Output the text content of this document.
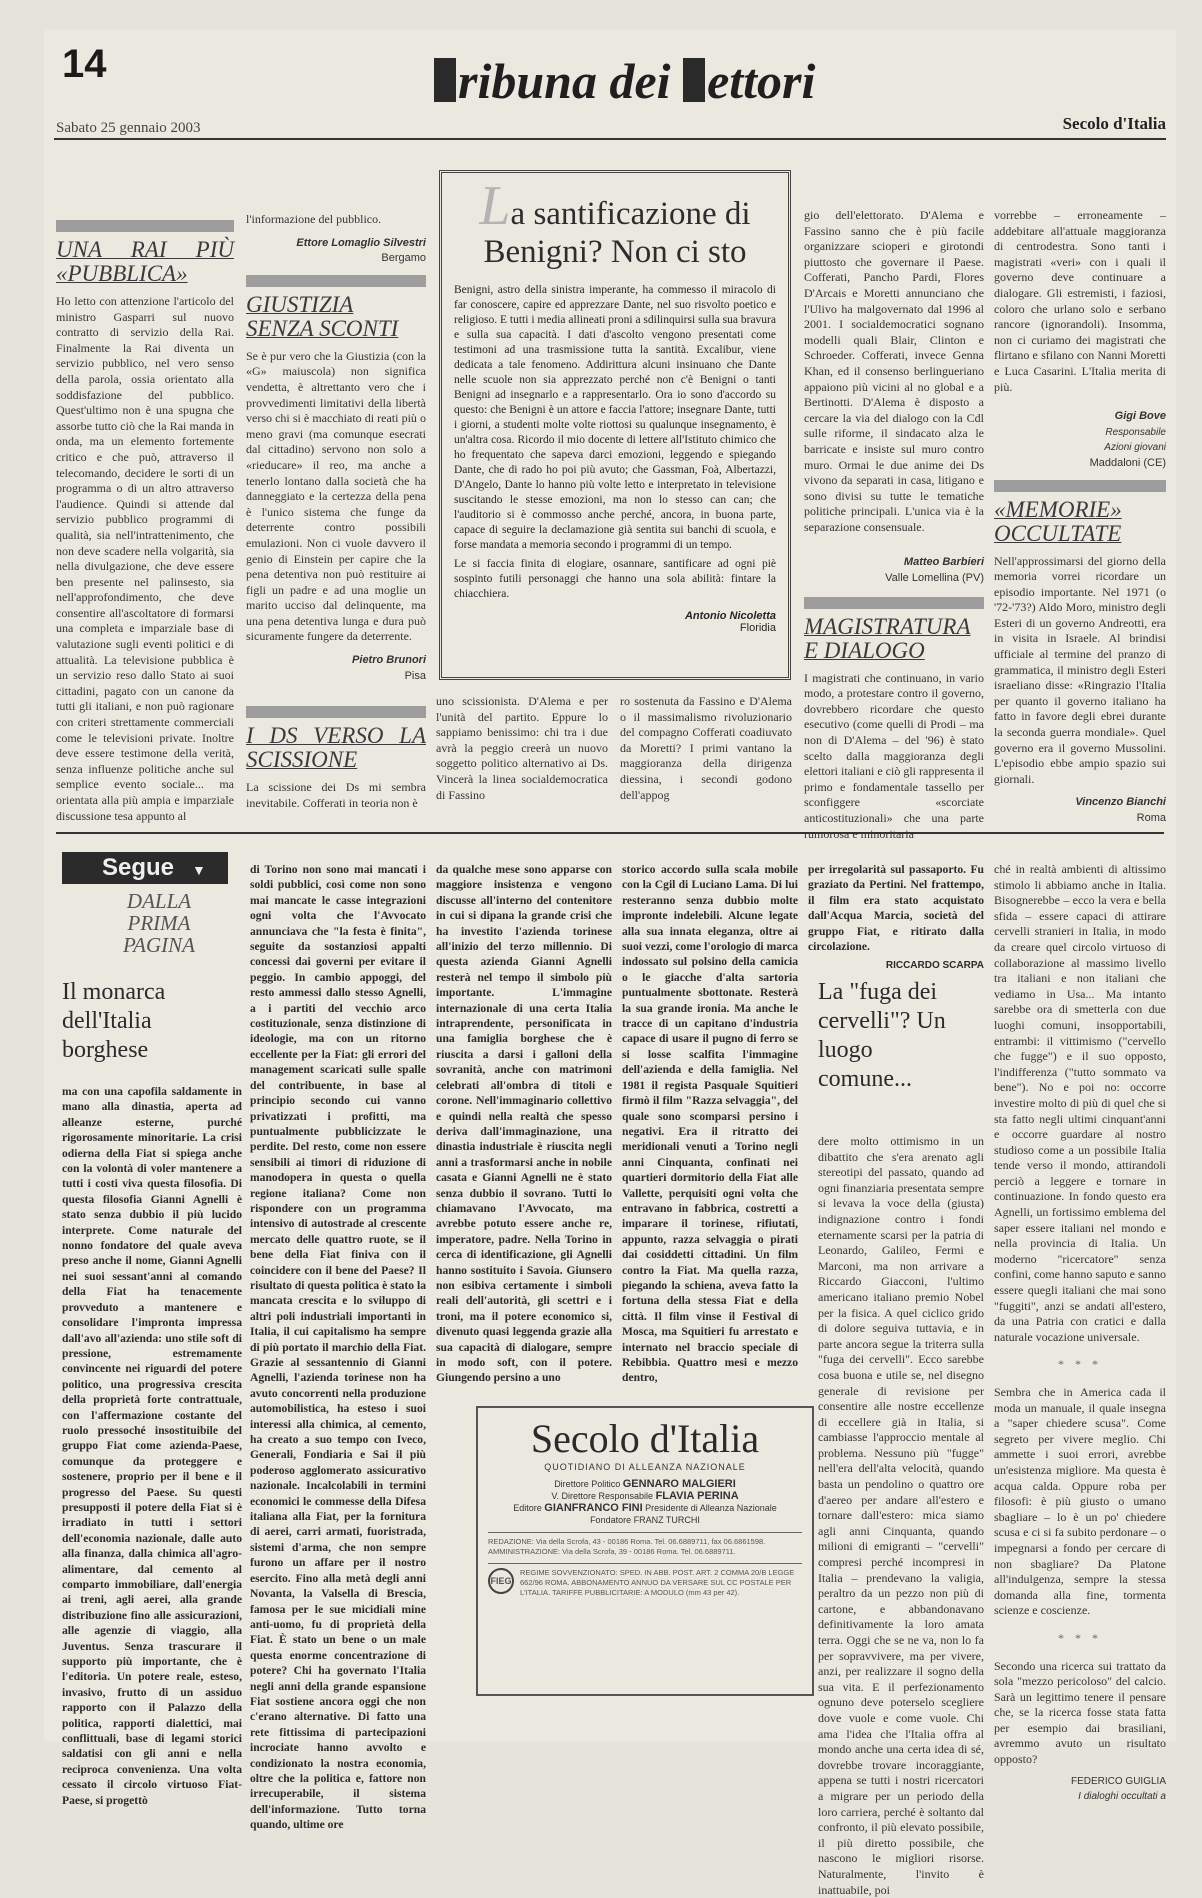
14	ribuna dei ettori
Sabato 25 gennaio 2003	Secolo d'Italia
UNA RAI PIÙ «PUBBLICA»

Ho letto con attenzione l'articolo del ministro Gasparri sul nuovo contratto di servizio della Rai. Finalmente la Rai diventa un servizio pubblico, nel vero senso della parola, ossia orientato alla soddisfazione del pubblico. Quest'ultimo non è una spugna che assorbe tutto ciò che la Rai manda in onda, ma un elemento fortemente critico e che può, attraverso il telecomando, decidere le sorti di un programma o di un altro attraverso l'audience. Quindi si attende dal servizio pubblico programmi di qualità, sia nell'intrattenimento, che non deve scadere nella volgarità, sia nella divulgazione, che deve essere ben presente nel palinsesto, sia nell'approfondimento, che deve consentire all'ascoltatore di formarsi una completa e imparziale base di valutazione sugli eventi politici e di attualità. La televisione pubblica è un servizio reso dallo Stato ai suoi cittadini, pagato con un canone da tutti gli italiani, e non può ragionare con criteri strettamente commerciali come le televisioni private. Inoltre deve essere testimone della verità, senza influenze politiche anche sul semplice evento sociale... ma orientata alla più ampia e imparziale discussione tesa appunto al

l'informazione del pubblico.

Ettore Lomaglio Silvestri
Bergamo
GIUSTIZIA SENZA SCONTI

Se è pur vero che la Giustizia (con la «G» maiuscola) non significa vendetta, è altrettanto vero che i provvedimenti limitativi della libertà verso chi si è macchiato di reati più o meno gravi (ma comunque esecrati dal cittadino) servono non solo a «rieducare» il reo, ma anche a tenerlo lontano dalla società che ha danneggiato e la certezza della pena è l'unico sistema che funge da deterrente contro possibili emulazioni. Non ci vuole davvero il genio di Einstein per capire che la pena detentiva non può restituire ai figli un padre e ad una moglie un marito ucciso dal delinquente, ma una pena detentiva lunga e dura può sicuramente fungere da deterrente.

Pietro Brunori
Pisa
I DS VERSO LA SCISSIONE

La scissione dei Ds mi sembra inevitabile. Cofferati in teoria non è

La santificazione di Benigni? Non ci sto

Benigni, astro della sinistra imperante, ha commesso il miracolo di far conoscere, capire ed apprezzare Dante, nel suo risvolto poetico e religioso. E tutti i media allineati proni a sdilinquirsi sulla sua bravura e sulla sua capacità. I dati d'ascolto vengono presentati come testimoni ad una trasmissione tutta la santità. Excalibur, viene dedicata a tale fenomeno. Addirittura alcuni insinuano che Dante nelle scuole non sia apprezzato perché non c'è Benigni o tanti Benigni ad insegnarlo e a rappresentarlo. Ora io sono d'accordo su questo: che Benigni è un attore e faccia l'attore; insegnare Dante, tutti i giorni, a studenti molte volte riottosi su qualunque insegnamento, è un'altra cosa. Ricordo il mio docente di lettere all'Istituto chimico che ho frequentato che sapeva darci emozioni, leggendo e spiegando Dante, che di rado ho poi più avuto; che Gassman, Foà, Albertazzi, D'Angelo, Dante lo hanno più volte letto e interpretato in televisione suscitando le stesse emozioni, ma non lo stesso can can; che l'auditorio si è commosso anche perché, ancora, in buona parte, capace di seguire la declamazione già sentita sui banchi di scuola, e forse mandata a memoria secondo i programmi di un tempo.

Le si faccia finita di elogiare, osannare, santificare ad ogni piè sospinto futili personaggi che hanno una sola abilità: fintare la chiacchiera.

Antonio Nicoletta
Floridia

uno scissionista. D'Alema e per l'unità del partito. Eppure lo sappiamo benissimo: chi tra i due avrà la peggio creerà un nuovo soggetto politico alternativo ai Ds. Vincerà la linea socialdemocratica di Fassino

ro sostenuta da Fassino e D'Alema o il massimalismo rivoluzionario del compagno Cofferati coadiuvato da Moretti? I primi vantano la maggioranza della dirigenza diessina, i secondi godono dell'appog

gio dell'elettorato. D'Alema e Fassino sanno che è più facile organizzare scioperi e girotondi piuttosto che governare il Paese. Cofferati, Pancho Pardi, Flores D'Arcais e Moretti annunciano che l'Ulivo ha malgovernato dal 1996 al 2001. I socialdemocratici sognano modelli quali Blair, Clinton e Schroeder. Cofferati, invece Genna Khan, ed il consenso berlingueriano appaiono più vicini al no global e a Bertinotti. D'Alema è disposto a cercare la via del dialogo con la Cdl sulle riforme, il sindacato alza le barricate e insiste sul muro contro muro. Ormai le due anime dei Ds vivono da separati in casa, litigano e sono divisi su tutte le tematiche politiche principali. L'unica via è la separazione consensuale.

Matteo Barbieri
Valle Lomellina (PV)
MAGISTRATURA E DIALOGO

I magistrati che continuano, in vario modo, a protestare contro il governo, dovrebbero ricordare che questo esecutivo (come quelli di Prodi – ma non di D'Alema – del '96) è stato scelto dalla maggioranza degli elettori italiani e ciò gli rappresenta il primo e fondamentale tassello per sconfiggere «scorciate anticostituzionali» che una parte

vorrebbe – erroneamente – addebitare all'attuale maggioranza di centrodestra. Sono tanti i magistrati «veri» con i quali il governo deve continuare a dialogare. Gli estremisti, i faziosi, coloro che urlano solo e serbano rancore (ignorandoli). Insomma, non ci curiamo dei magistrati che flirtano e sfilano con Nanni Moretti e Luca Casarini. L'Italia merita di più.

Gigi Bove
Responsabile
Azioni giovani
Maddaloni (CE)
«MEMORIE» OCCULTATE

Nell'approssimarsi del giorno della memoria vorrei ricordare un episodio importante. Nel 1971 (o '72-'73?) Aldo Moro, ministro degli Esteri di un governo Andreotti, era in visita in Israele. Al brindisi ufficiale al termine del pranzo di grammatica, il ministro degli Esteri israeliano disse: «Ringrazio l'Italia per quanto il governo italiano ha fatto in favore degli ebrei durante la seconda guerra mondiale». Quel governo era il governo Mussolini. L'episodio ebbe ampio spazio sui giornali.

Vincenzo Bianchi
Roma
Segue ▼
DALLA PRIMA PAGINA
Il monarca dell'Italia borghese

ma con una capofila saldamente in mano alla dinastia, aperta ad alleanze esterne, purché rigorosamente minoritarie. La crisi odierna della Fiat si spiega anche con la volontà di voler mantenere a tutti i costi viva questa filosofia. Di questa filosofia Gianni Agnelli è stato senza dubbio il più lucido interprete. Come naturale del nonno fondatore del quale aveva preso anche il nome, Gianni Agnelli nei suoi sessant'anni al comando della Fiat ha tenacemente provveduto a mantenere e consolidare l'impronta impressa dall'avo all'azienda: uno stile soft di pressione, estremamente convincente nei riguardi del potere politico, una progressiva crescita della proprietà forte contrattuale, con l'affermazione costante del ruolo pressoché insostituibile del gruppo Fiat come azienda-Paese, comunque da proteggere e sostenere, proprio per il bene e il progresso del Paese. Su questi presupposti il potere della Fiat si è irradiato in tutti i settori dell'economia nazionale, dalle auto alla finanza, dalla chimica all'agro-alimentare, dal cemento al comparto immobiliare, dall'energia ai treni, agli aerei, alla grande distribuzione fino alle assicurazioni, alle agenzie di viaggio, alla Juventus. Senza trascurare il supporto più importante, che è l'editoria. Un potere reale, esteso, invasivo, frutto di un assiduo rapporto con il Palazzo della politica, rapporti dialettici, mai conflittuali, base di legami storici saldatisi con gli anni e nella reciproca convenienza. Una volta cessato il circolo virtuoso Fiat-Paese, si progettò

di Torino non sono mai mancati i soldi pubblici, così come non sono mai mancate le casse integrazioni ogni volta che l'Avvocato annunciava che "la festa è finita", seguite da sostanziosi appalti concessi dai governi per evitare il peggio. In cambio appoggi, del resto ammessi dallo stesso Agnelli, a i partiti del vecchio arco costituzionale, senza distinzione di ideologie, ma con un ritorno eccellente per la Fiat: gli errori del management scaricati sulle spalle del contribuente, in base al principio secondo cui vanno privatizzati i profitti, ma puntualmente pubblicizzate le perdite. Del resto, come non essere sensibili ai timori di riduzione di manodopera in questa o quella regione italiana? Come non rispondere con un programma intensivo di autostrade al crescente mercato delle quattro ruote, se il bene della Fiat finiva con il coincidere con il bene del Paese? Il risultato di questa politica è stato la mancata crescita e lo sviluppo di altri poli industriali importanti in Italia, il cui capitalismo ha sempre di più portato il marchio della Fiat. Grazie al sessantennio di Gianni Agnelli, l'azienda torinese non ha avuto concorrenti nella produzione automobilistica, ha esteso i suoi interessi alla chimica, al cemento, ha creato a suo tempo con Iveco, Generali, Fondiaria e Sai il più poderoso agglomerato assicurativo nazionale. Incalcolabili in termini economici le commesse della Difesa italiana alla Fiat, per la fornitura di aerei, carri armati, fuoristrada, sistemi d'arma, che non sempre furono un affare per il nostro esercito. Fino alla metà degli anni Novanta, la Valsella di Brescia, famosa per le sue micidiali mine anti-uomo, fu di proprietà della Fiat. È stato un bene o un male questa enorme concentrazione di potere? Chi ha governato l'Italia negli anni della grande espansione Fiat sostiene ancora oggi che non c'erano alternative. Di fatto una rete fittissima di partecipazioni incrociate hanno avvolto e condizionato la nostra economia, oltre che la politica e, fattore non irrecuperabile, il sistema dell'informazione. Tutto torna quando, ultime ore

da qualche mese sono apparse con maggiore insistenza e vengono discusse all'interno del contenitore in cui si dipana la grande crisi che ha investito l'azienda torinese all'inizio del terzo millennio. Di questa azienda Gianni Agnelli resterà nel tempo il simbolo più importante. L'immagine internazionale di una certa Italia intraprendente, personificata in una famiglia borghese che è riuscita a darsi i galloni della sovranità, anche con matrimoni celebrati all'ombra di titoli e corone. Nell'immaginario collettivo e quindi nella realtà che spesso deriva dall'immaginazione, una dinastia industriale è riuscita negli anni a trasformarsi anche in nobile casata e Gianni Agnelli ne è stato senza dubbio il sovrano. Tutti lo chiamavano l'Avvocato, ma avrebbe potuto essere anche re, imperatore, padre. Nella Torino in cerca di identificazione, gli Agnelli hanno sostituito i Savoia. Giunsero non esibiva certamente i simboli reali dell'autorità, gli scettri e i troni, ma il potere economico si, divenuto quasi leggenda grazie alla sua capacità di dialogare, sempre in modo soft, con il potere. Giungendo persino a uno

storico accordo sulla scala mobile con la Cgil di Luciano Lama. Di lui resteranno senza dubbio molte impronte indelebili. Alcune legate alla sua innata eleganza, oltre ai suoi vezzi, come l'orologio di marca indossato sul polsino della camicia o le giacche d'alta sartoria puntualmente sbottonate. Resterà la sua grande ironia. Ma anche le tracce di un capitano d'industria capace di usare il pugno di ferro se si losse scalfita l'immagine dell'azienda e della famiglia. Nel 1981 il regista Pasquale Squitieri firmò il film "Razza selvaggia", del quale sono scomparsi persino i negativi. Era il ritratto dei meridionali venuti a Torino negli anni Cinquanta, confinati nei quartieri dormitorio della Fiat alle Vallette, perquisiti ogni volta che entravano in fabbrica, costretti a imparare il torinese, rifiutati, appunto, razza selvaggia o pirati dai cosiddetti cittadini. Un film contro la Fiat. Ma quella razza, piegando la schiena, aveva fatto la fortuna della stessa Fiat e della città. Il film vinse il Festival di Mosca, ma Squitieri fu arrestato e internato nel braccio speciale di Rebibbia. Quattro mesi e mezzo dentro,

per irregolarità sul passaporto. Fu graziato da Pertini. Nel frattempo, il film era stato acquistato dall'Acqua Marcia, società del gruppo Fiat, e ritirato dalla circolazione.

RICCARDO SCARPA
La "fuga dei cervelli"? Un luogo comune...

dere molto ottimismo in un dibattito che s'era arenato agli stereotipi del passato, quando ad ogni finanziaria presentata sempre si levava la voce della (giusta) indignazione contro i fondi eternamente scarsi per la patria di Leonardo, Galileo, Fermi e Marconi, ma non arrivare a Riccardo Giacconi, l'ultimo americano italiano premio Nobel per la fisica. A quel ciclico grido di dolore seguiva tuttavia, e in parte ancora segue la triterra sulla "fuga dei cervelli". Ecco sarebbe cosa buona e utile se, nel disegno generale di revisione per consentire alle nostre eccellenze di eccellere già in Italia, si cambiasse l'approccio mentale al problema. Nessuno più "fugge" nell'era dell'alta velocità, quando basta un pendolino o quattro ore d'aereo per andare all'estero e tornare dall'estero: mica siamo agli anni Cinquanta, quando milioni di emigranti – "cervelli" compresi perché incompresi in Italia – prendevano la valigia, peraltro da un pezzo non più di cartone, e abbandonavano definitivamente la loro amata terra. Oggi che se ne va, non lo fa per sopravvivere, ma per vivere, anzi, per realizzare il sogno della sua vita. E il perfezionamento ognuno deve poterselo scegliere dove vuole e come vuole. Chi ama l'idea che l'Italia offra al mondo anche una certa idea di sé, dovrebbe trovare incoraggiante, appena se tutti i nostri ricercatori a migrare per un periodo della loro carriera, perché è soltanto dal confronto, il più elevato possibile, il più diretto possibile, che nascono le migliori risorse. Naturalmente, l'invito è inattuabile, poi

ché in realtà ambienti di altissimo stimolo li abbiamo anche in Italia. Bisognerebbe – ecco la vera e bella sfida – essere capaci di attirare cervelli stranieri in Italia, in modo da creare quel circolo virtuoso di collaborazione al massimo livello tra italiani e non italiani che vediamo in Usa... Ma intanto sarebbe ora di smetterla con due luoghi comuni, insopportabili, entrambi: il vittimismo ("cervello che fugge") e il suo opposto, l'indifferenza ("tutto sommato va bene"). No e poi no: occorre investire molto di più di quel che si sta fatto negli ultimi cinquant'anni e occorre guardare al nostro studioso come a un possibile Italia tende verso il mondo, attirandoli perciò a leggere e tornare in continuazione. In fondo questo era Agnelli, un fortissimo emblema del saper essere italiani nel mondo e nella provincia di Italia. Un moderno "ricercatore" senza confini, come hanno saputo e sanno essere quegli italiani che mai sono "fuggiti", anzi se andati all'estero, da una Patria con cratici e dalla naturale vocazione universale.

* * *

Sembra che in America cada il moda un manuale, il quale insegna a "saper chiedere scusa". Come segreto per vivere meglio. Chi ammette i suoi errori, avrebbe un'esistenza migliore. Ma questa è acqua calda. Oppure roba per filosofi: è più giusto o umano sbagliare – lo è un po' chiedere scusa e ci si fa subito perdonare – o impegnarsi a fondo per cercare di non sbagliare? Da Platone all'indulgenza, sempre la stessa domanda alla fine, tormenta scienze e coscienze.

* * *

Secondo una ricerca sui trattato da sola "mezzo pericoloso" del calcio. Sarà un legittimo tenere il pensare che, se la ricerca fosse stata fatta per esempio dai brasiliani, avremmo avuto un risultato opposto?

FEDERICO GUIGLIA
I dialoghi occultati a
Secolo d'Italia
QUOTIDIANO DI ALLEANZA NAZIONALE
Direttore Politico GENNARO MALGIERI
V. Direttore Responsabile FLAVIA PERINA
Editore GIANFRANCO FINI Presidente di Alleanza Nazionale
Fondatore FRANZ TURCHI
REDAZIONE: Via della Scrofa, 43 - 00186 Roma. Tel. 06.6889711, fax 06.6861598. AMMINISTRAZIONE: Via della Scrofa, 39 - 00186 Roma. Tel. 06.6889711.
FIEG
REGIME SOVVENZIONATO: SPED. IN ABB. POST. ART. 2 COMMA 20/B LEGGE 662/96 ROMA. ABBONAMENTO ANNUO DA VERSARE SUL CC POSTALE PER L'ITALIA. TARIFFE PUBBLICITARIE: A MODULO (mm 43 per 42).
